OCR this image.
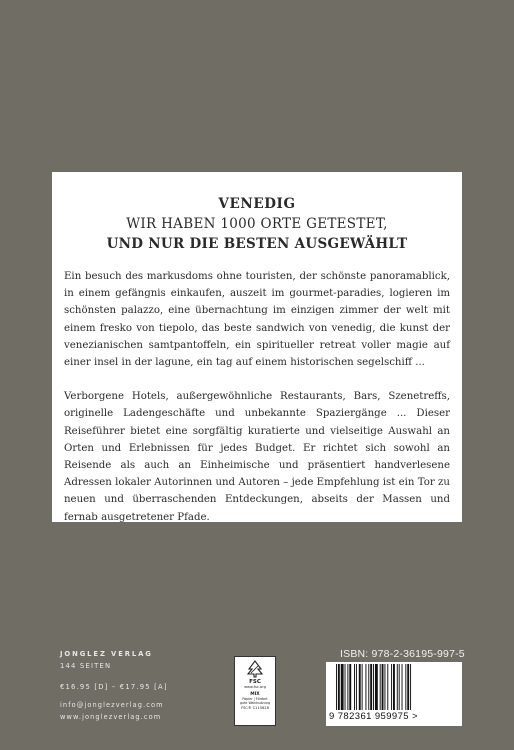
VENEDIG
WIR HABEN 1000 ORTE GETESTET,
UND NUR DIE BESTEN AUSGEWÄHLT

Ein besuch des markusdoms ohne touristen, der schönste panoramablick, in einem gefängnis einkaufen, auszeit im gourmet-paradies, logieren im schönsten palazzo, eine übernachtung im einzigen zimmer der welt mit einem fresko von tiepolo, das beste sandwich von venedig, die kunst der venezianischen samtpantoffeln, ein spiritueller retreat voller magie auf einer insel in der lagune, ein tag auf einem historischen segelschiff ...

Verborgene Hotels, außergewöhnliche Restaurants, Bars, Szenetreffs, originelle Ladengeschäfte und unbekannte Spaziergänge ... Dieser Reiseführer bietet eine sorgfältig kuratierte und vielseitige Auswahl an Orten und Erlebnissen für jedes Budget. Er richtet sich sowohl an Reisende als auch an Einheimische und präsentiert handverlesene Adressen lokaler Autorinnen und Autoren – jede Empfehlung ist ein Tor zu neuen und überraschenden Entdeckungen, abseits der Massen und fernab ausgetretener Pfade.

JONGLEZ VERLAG
144 SEITEN
€16.95 [D] – €17.95 [A]
info@jonglezverlag.com
www.jonglezverlag.com
FSC
www.fsc.org
MIX
Papier | Fördert
gute Waldnutzung
FSC® C115628
ISBN: 978-2-36195-997-5
9 782361 959975 >
